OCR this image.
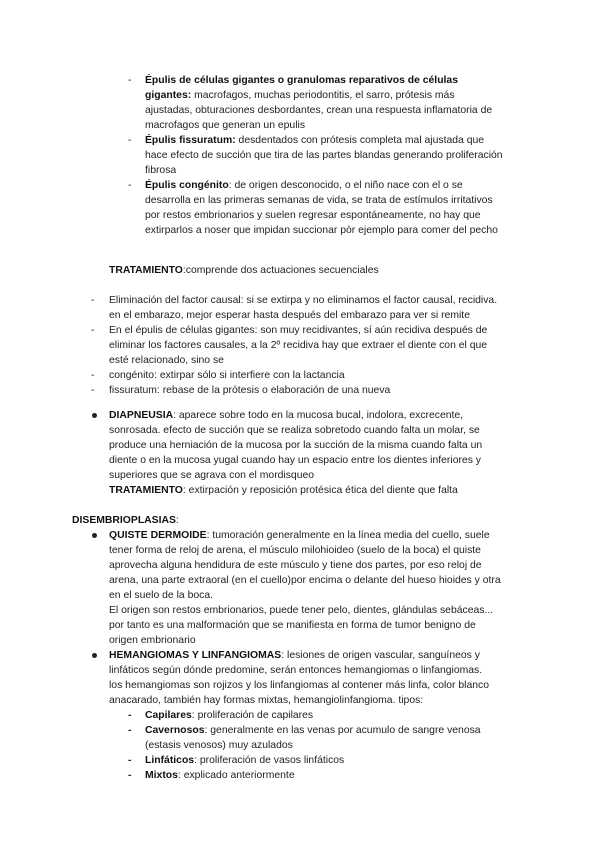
- Épulis de células gigantes o granulomas reparativos de células
gigantes: macrofagos, muchas periodontitis, el sarro, prótesis más
ajustadas, obturaciones desbordantes, crean una respuesta inflamatoria de
macrofagos que generan un epulis
- Épulis fissuratum: desdentados con prótesis completa mal ajustada que
hace efecto de succión que tira de las partes blandas generando proliferación
fibrosa
- Épulis congénito: de origen desconocido, o el niño nace con el o se
desarrolla en las primeras semanas de vida, se trata de estímulos irritativos
por restos embrionarios y suelen regresar espontáneamente, no hay que
extirparlos a noser que impidan succionar pòr ejemplo para comer del pecho
TRATAMIENTO:comprende dos actuaciones secuenciales
- Eliminación del factor causal: si se extirpa y no eliminamos el factor causal, recidiva.
en el embarazo, mejor esperar hasta después del embarazo para ver si remite
- En el épulis de células gigantes: son muy recidivantes, sí aún recidiva después de
eliminar los factores causales, a la 2º recidiva hay que extraer el diente con el que
esté relacionado, sino se
- congénito: extirpar sólo si interfiere con la lactancia
- fissuratum: rebase de la prótesis o elaboración de una nueva
DIAPNEUSIA: aparece sobre todo en la mucosa bucal, indolora, excrecente,
sonrosada. efecto de succión que se realiza sobretodo cuando falta un molar, se
produce una herniación de la mucosa por la succión de la misma cuando falta un
diente o en la mucosa yugal cuando hay un espacio entre los dientes inferiores y
superiores que se agrava con el mordisqueo
TRATAMIENTO: extirpación y reposición protésica ética del diente que falta
DISEMBRIOPLASIAS:
QUISTE DERMOIDE: tumoración generalmente en la línea media del cuello, suele
tener forma de reloj de arena, el músculo milohioideo (suelo de la boca) el quiste
aprovecha alguna hendidura de este músculo y tiene dos partes, por eso reloj de
arena, una parte extraoral (en el cuello)por encima o delante del hueso hioides y otra
en el suelo de la boca.
El origen son restos embrionarios, puede tener pelo, dientes, glándulas sebáceas...
por tanto es una malformación que se manifiesta en forma de tumor benigno de
origen embrionario
HEMANGIOMAS Y LINFANGIOMAS: lesiones de origen vascular, sanguíneos y
linfáticos según dónde predomine, serán entonces hemangiomas o linfangiomas.
los hemangiomas son rojizos y los linfangiomas al contener más linfa, color blanco
anacarado, también hay formas mixtas, hemangiolinfangioma. tipos:
- Capilares: proliferación de capilares
- Cavernosos: generalmente en las venas por acumulo de sangre venosa
(estasis venosos) muy azulados
- Linfáticos: proliferación de vasos linfáticos
- Mixtos: explicado anteriormente
